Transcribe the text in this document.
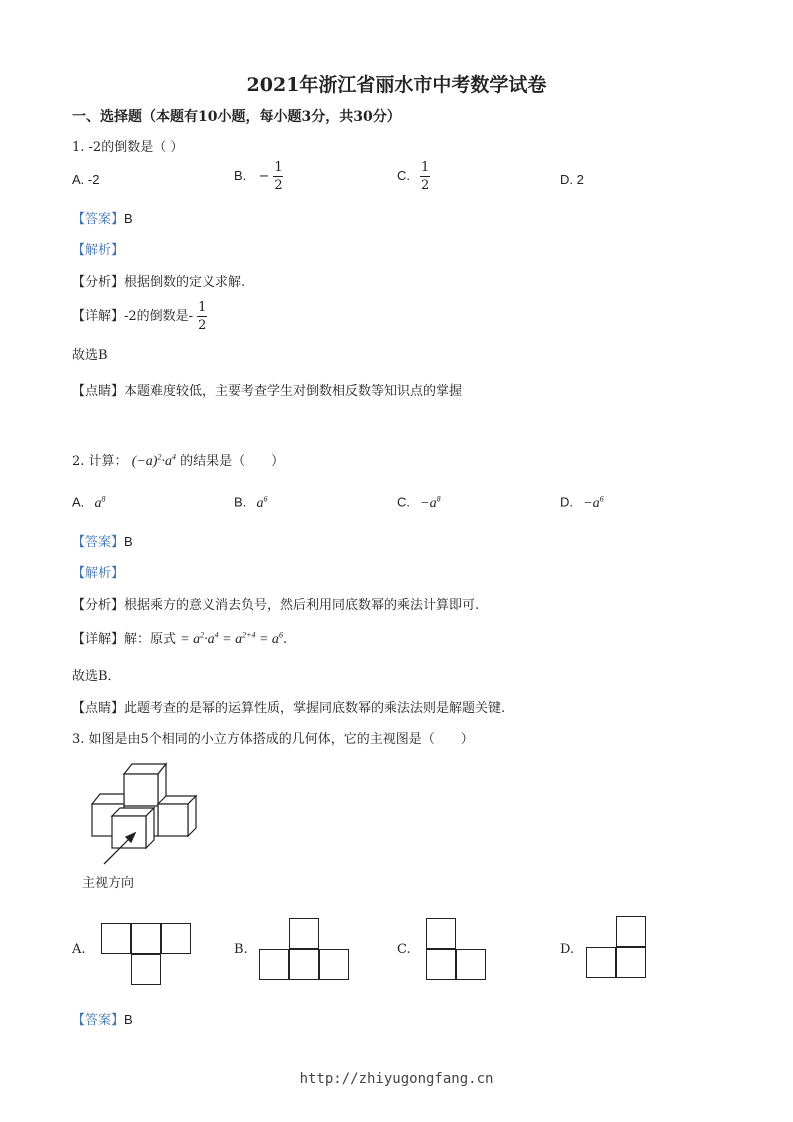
2021年浙江省丽水市中考数学试卷
一、选择题（本题有10小题，每小题3分，共30分）
1. -2的倒数是（ ）
A. -2	B. − $\frac{1}{2}$	C. $\frac{1}{2}$	D. 2
【答案】B
【解析】
【分析】根据倒数的定义求解.
【详解】-2的倒数是- $\frac{1}{2}$
故选B
【点睛】本题难度较低，主要考查学生对倒数相反数等知识点的掌握
2. 计算： $(-a)^2\cdot a^4$ 的结果是（　　）
A. $a^8$	B. $a^6$	C. $-a^8$	D. $-a^6$
【答案】B
【解析】
【分析】根据乘方的意义消去负号，然后利用同底数幂的乘法计算即可.
【详解】解：原式 = $a^2\cdot a^4 = a^{2+4} = a^6$.
故选B．
【点睛】此题考查的是幂的运算性质，掌握同底数幂的乘法法则是解题关键.
3. 如图是由5个相同的小立方体搭成的几何体，它的主视图是（　　）
主视方向
A.	B.	C.	D.
【答案】B
http://zhiyugongfang.cn
